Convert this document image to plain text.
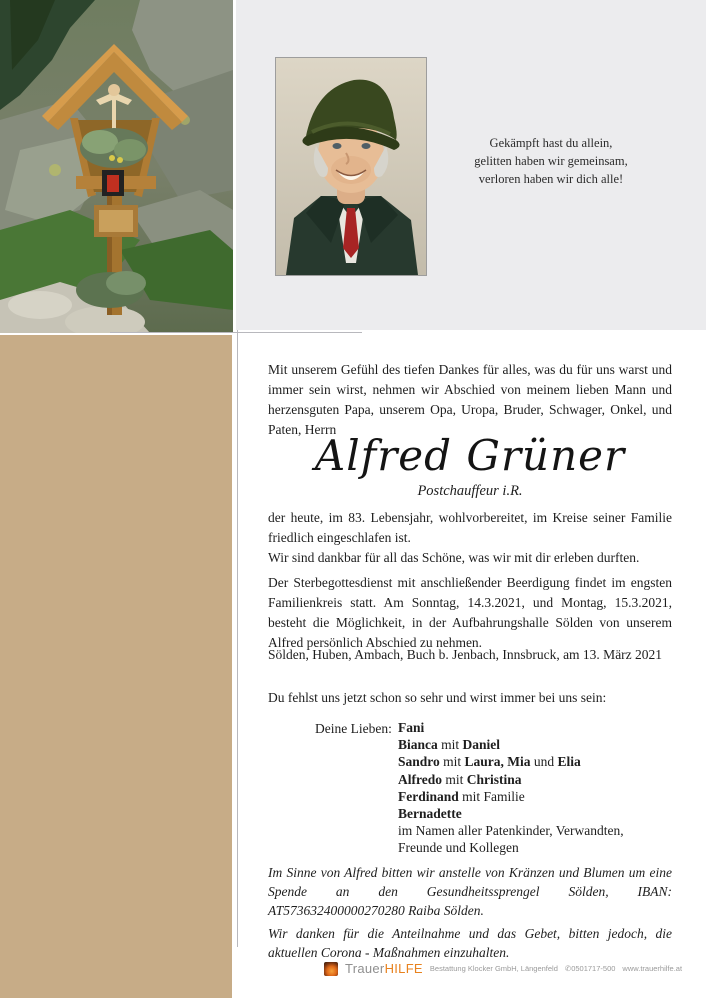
Gekämpft hast du allein,
gelitten haben wir gemeinsam,
verloren haben wir dich alle!

Mit unserem Gefühl des tiefen Dankes für alles, was du für uns warst und immer sein wirst, nehmen wir Abschied von meinem lieben Mann und herzensguten Papa, unserem Opa, Uropa, Bruder, Schwager, Onkel, und Paten, Herrn

Alfred Grüner
Postchauffeur i.R.

der heute, im 83. Lebensjahr, wohlvorbereitet, im Kreise seiner Familie friedlich eingeschlafen ist.

Wir sind dankbar für all das Schöne, was wir mit dir erleben durften.

Der Sterbegottesdienst mit anschließender Beerdigung findet im engsten Familienkreis statt. Am Sonntag, 14.3.2021, und Montag, 15.3.2021, besteht die Möglichkeit, in der Aufbahrungshalle Sölden von unserem Alfred persönlich Abschied zu nehmen.

Sölden, Huben, Ambach, Buch b. Jenbach, Innsbruck, am 13. März 2021

Du fehlst uns jetzt schon so sehr und wirst immer bei uns sein:

Deine Lieben: Fani
Bianca mit Daniel
Sandro mit Laura, Mia und Elia
Alfredo mit Christina
Ferdinand mit Familie
Bernadette
im Namen aller Patenkinder, Verwandten,
Freunde und Kollegen

Im Sinne von Alfred bitten wir anstelle von Kränzen und Blumen um eine Spende an den Gesundheitssprengel Sölden, IBAN: AT573632400000270280 Raiba Sölden.

Wir danken für die Anteilnahme und das Gebet, bitten jedoch, die aktuellen Corona - Maßnahmen einzuhalten.

TrauerHILFE Bestattung Klocker GmbH, Längenfeld ✆0501717-500 www.trauerhilfe.at
